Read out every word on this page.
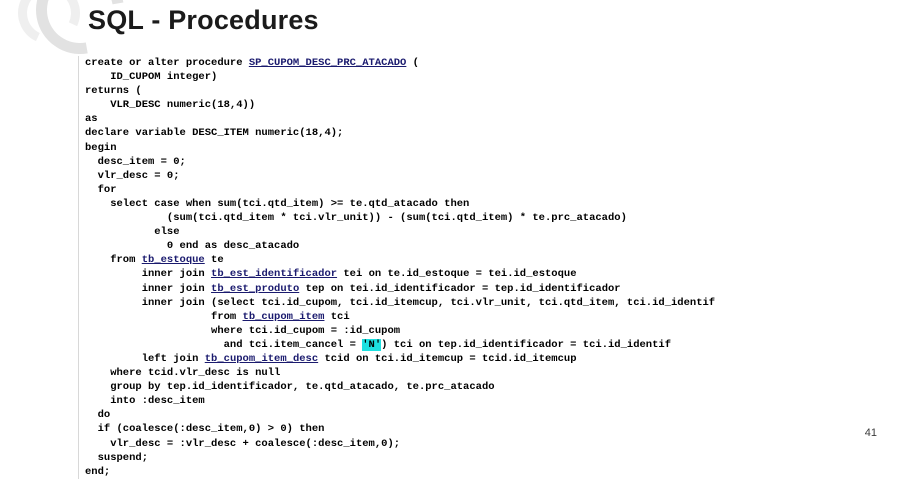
SQL - Procedures
create or alter procedure SP_CUPOM_DESC_PRC_ATACADO (
ID_CUPOM integer)
returns (
VLR_DESC numeric(18,4))
as
declare variable DESC_ITEM numeric(18,4);
begin
desc_item = 0;
vlr_desc = 0;
for
select case when sum(tci.qtd_item) >= te.qtd_atacado then
(sum(tci.qtd_item * tci.vlr_unit)) - (sum(tci.qtd_item) * te.prc_atacado)
else
0 end as desc_atacado
from tb_estoque te
inner join tb_est_identificador tei on te.id_estoque = tei.id_estoque
inner join tb_est_produto tep on tei.id_identificador = tep.id_identificador
inner join (select tci.id_cupom, tci.id_itemcup, tci.vlr_unit, tci.qtd_item, tci.id_identif
from tb_cupom_item tci
where tci.id_cupom = :id_cupom
and tci.item_cancel = 'N') tci on tep.id_identificador = tci.id_identif
left join tb_cupom_item_desc tcid on tci.id_itemcup = tcid.id_itemcup
where tcid.vlr_desc is null
group by tep.id_identificador, te.qtd_atacado, te.prc_atacado
into :desc_item
do
if (coalesce(:desc_item,0) > 0) then
vlr_desc = :vlr_desc + coalesce(:desc_item,0);
suspend;
end;
41
